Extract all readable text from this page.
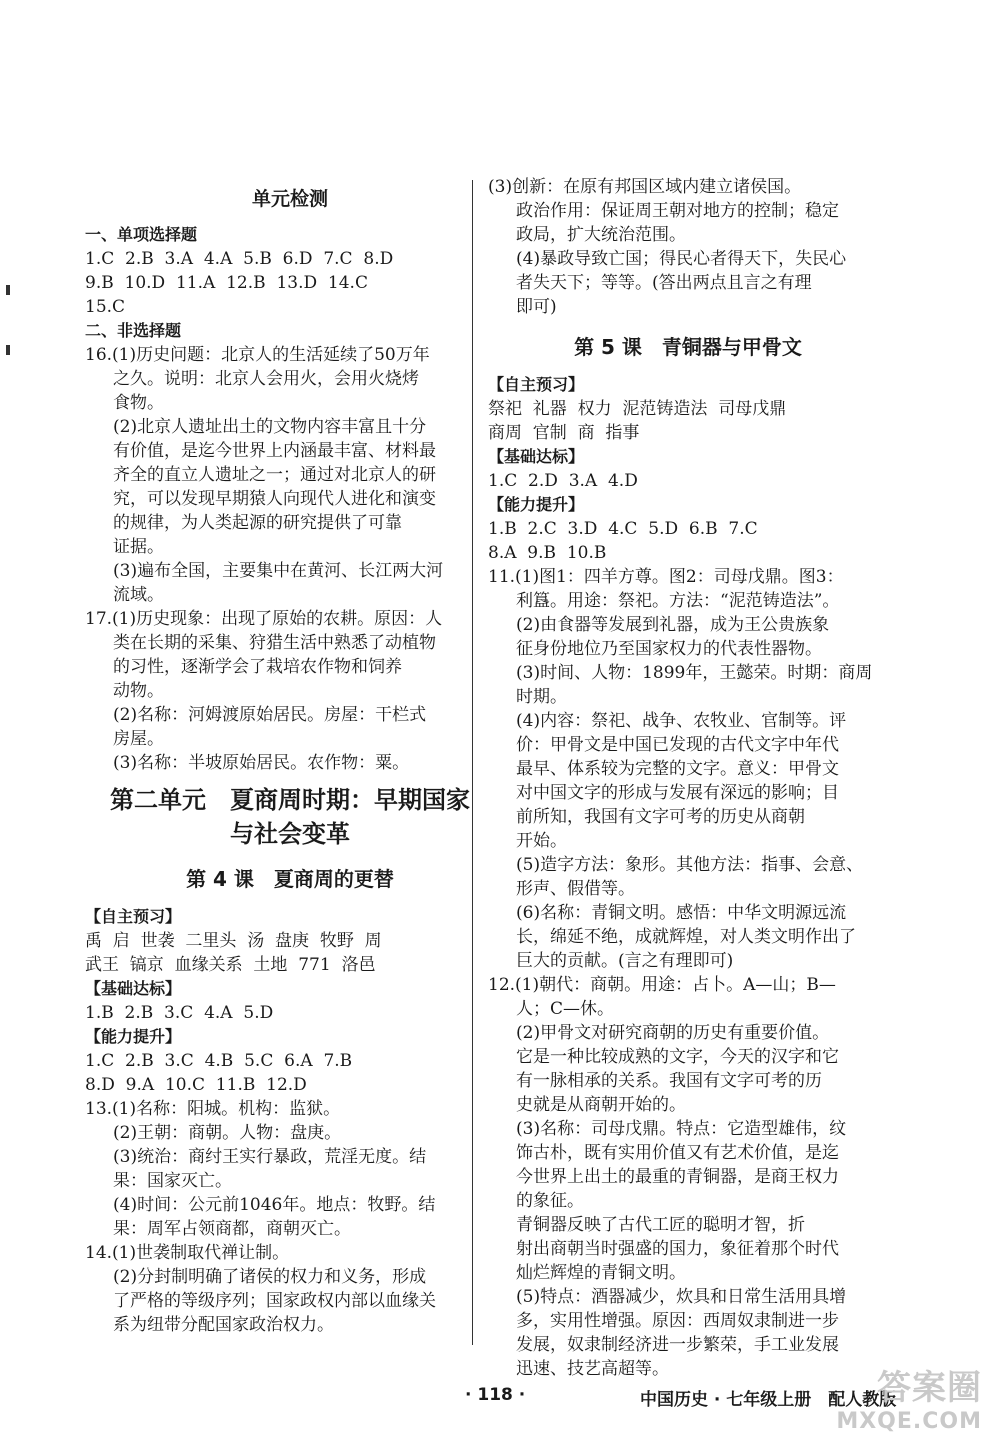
单元检测
一、单项选择题
1.C  2.B  3.A  4.A  5.B  6.D  7.C  8.D
9.B  10.D  11.A  12.B  13.D  14.C
15.C
二、非选择题
16.(1)历史问题：北京人的生活延续了50万年
之久。说明：北京人会用火，会用火烧烤
食物。
(2)北京人遗址出土的文物内容丰富且十分
有价值，是迄今世界上内涵最丰富、材料最
齐全的直立人遗址之一；通过对北京人的研
究，可以发现早期猿人向现代人进化和演变
的规律，为人类起源的研究提供了可靠
证据。
(3)遍布全国，主要集中在黄河、长江两大河
流域。
17.(1)历史现象：出现了原始的农耕。原因：人
类在长期的采集、狩猎生活中熟悉了动植物
的习性，逐渐学会了栽培农作物和饲养
动物。
(2)名称：河姆渡原始居民。房屋：干栏式
房屋。
(3)名称：半坡原始居民。农作物：粟。
第二单元　夏商周时期：早期国家
与社会变革
第 4 课　夏商周的更替
【自主预习】
禹  启  世袭  二里头  汤  盘庚  牧野  周
武王  镐京  血缘关系  土地  771  洛邑
【基础达标】
1.B  2.B  3.C  4.A  5.D
【能力提升】
1.C  2.B  3.C  4.B  5.C  6.A  7.B
8.D  9.A  10.C  11.B  12.D
13.(1)名称：阳城。机构：监狱。
(2)王朝：商朝。人物：盘庚。
(3)统治：商纣王实行暴政，荒淫无度。结
果：国家灭亡。
(4)时间：公元前1046年。地点：牧野。结
果：周军占领商都，商朝灭亡。
14.(1)世袭制取代禅让制。
(2)分封制明确了诸侯的权力和义务，形成
了严格的等级序列；国家政权内部以血缘关
系为纽带分配国家政治权力。
(3)创新：在原有邦国区域内建立诸侯国。
政治作用：保证周王朝对地方的控制；稳定
政局，扩大统治范围。
(4)暴政导致亡国；得民心者得天下，失民心
者失天下；等等。(答出两点且言之有理
即可)
第 5 课　青铜器与甲骨文
【自主预习】
祭祀  礼器  权力  泥范铸造法  司母戊鼎
商周  官制  商  指事
【基础达标】
1.C  2.D  3.A  4.D
【能力提升】
1.B  2.C  3.D  4.C  5.D  6.B  7.C
8.A  9.B  10.B
11.(1)图1：四羊方尊。图2：司母戊鼎。图3：
利簋。用途：祭祀。方法：“泥范铸造法”。
(2)由食器等发展到礼器，成为王公贵族象
征身份地位乃至国家权力的代表性器物。
(3)时间、人物：1899年，王懿荣。时期：商周
时期。
(4)内容：祭祀、战争、农牧业、官制等。评
价：甲骨文是中国已发现的古代文字中年代
最早、体系较为完整的文字。意义：甲骨文
对中国文字的形成与发展有深远的影响；目
前所知，我国有文字可考的历史从商朝
开始。
(5)造字方法：象形。其他方法：指事、会意、
形声、假借等。
(6)名称：青铜文明。感悟：中华文明源远流
长，绵延不绝，成就辉煌，对人类文明作出了
巨大的贡献。(言之有理即可)
12.(1)朝代：商朝。用途：占卜。A—山；B—
人；C—休。
(2)甲骨文对研究商朝的历史有重要价值。
它是一种比较成熟的文字，今天的汉字和它
有一脉相承的关系。我国有文字可考的历
史就是从商朝开始的。
(3)名称：司母戊鼎。特点：它造型雄伟，纹
饰古朴，既有实用价值又有艺术价值，是迄
今世界上出土的最重的青铜器，是商王权力
的象征。
青铜器反映了古代工匠的聪明才智，折
射出商朝当时强盛的国力，象征着那个时代
灿烂辉煌的青铜文明。
(5)特点：酒器减少，炊具和日常生活用具增
多，实用性增强。原因：西周奴隶制进一步
发展，奴隶制经济进一步繁荣，手工业发展
迅速、技艺高超等。
· 118 ·	中国历史 · 七年级上册　配人教版
答案圈
MXQE.COM
